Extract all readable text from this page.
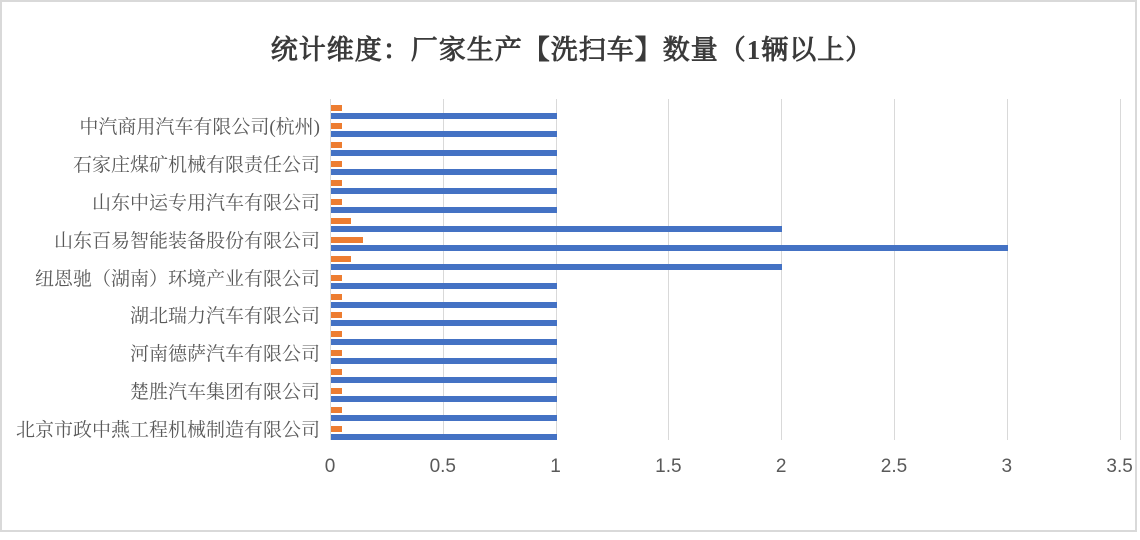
统计维度：厂家生产【洗扫车】数量（1辆以上）
中汽商用汽车有限公司(杭州)
石家庄煤矿机械有限责任公司
山东中运专用汽车有限公司
山东百易智能装备股份有限公司
纽恩驰（湖南）环境产业有限公司
湖北瑞力汽车有限公司
河南德萨汽车有限公司
楚胜汽车集团有限公司
北京市政中燕工程机械制造有限公司
0	0.5	1	1.5	2	2.5	3	3.5
